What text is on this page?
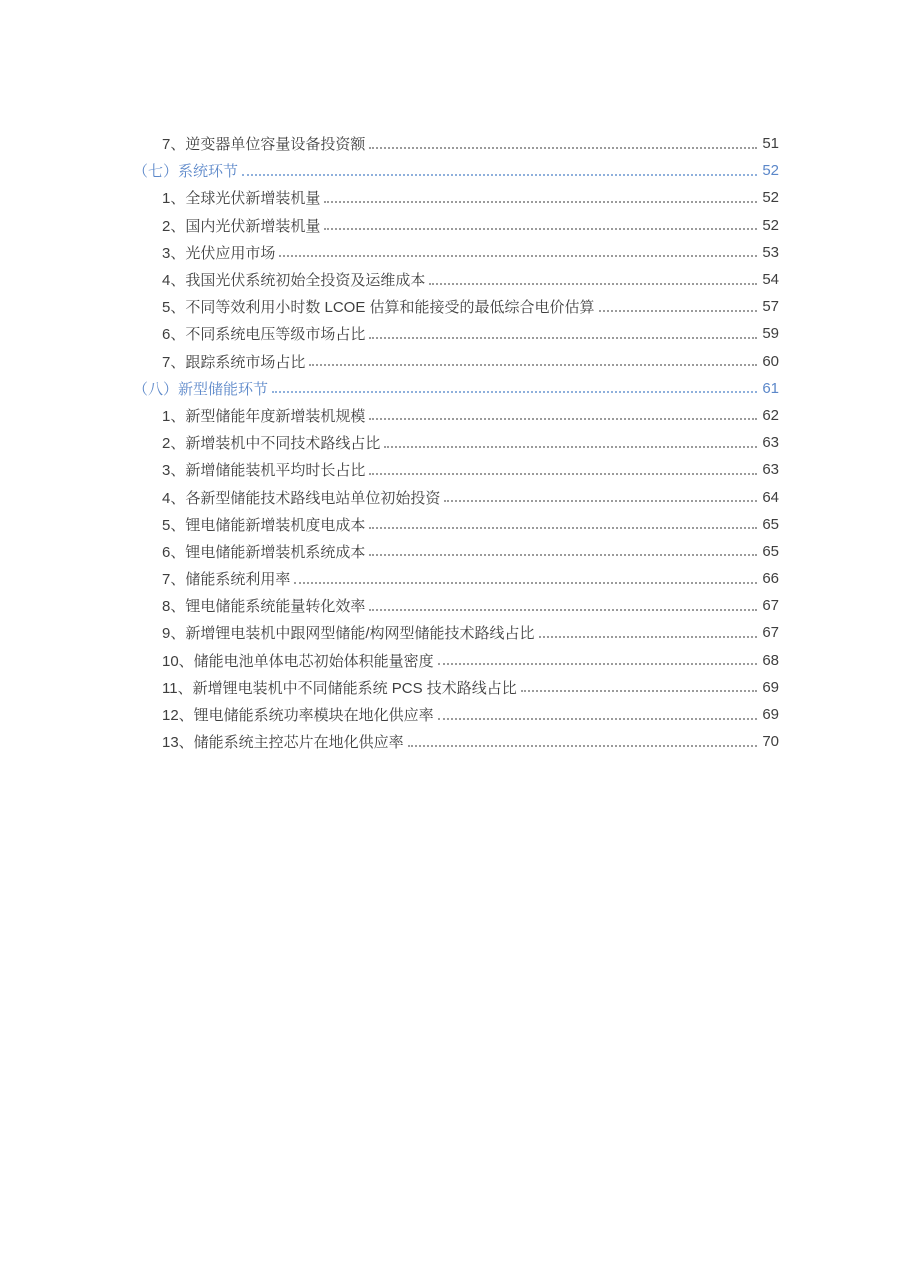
7、逆变器单位容量设备投资额	51
（七）系统环节	52
1、全球光伏新增装机量	52
2、国内光伏新增装机量	52
3、光伏应用市场	53
4、我国光伏系统初始全投资及运维成本	54
5、不同等效利用小时数 LCOE 估算和能接受的最低综合电价估算	57
6、不同系统电压等级市场占比	59
7、跟踪系统市场占比	60
（八）新型储能环节	61
1、新型储能年度新增装机规模	62
2、新增装机中不同技术路线占比	63
3、新增储能装机平均时长占比	63
4、各新型储能技术路线电站单位初始投资	64
5、锂电储能新增装机度电成本	65
6、锂电储能新增装机系统成本	65
7、储能系统利用率	66
8、锂电储能系统能量转化效率	67
9、新增锂电装机中跟网型储能/构网型储能技术路线占比	67
10、储能电池单体电芯初始体积能量密度	68
11、新增锂电装机中不同储能系统 PCS 技术路线占比	69
12、锂电储能系统功率模块在地化供应率	69
13、储能系统主控芯片在地化供应率	70
